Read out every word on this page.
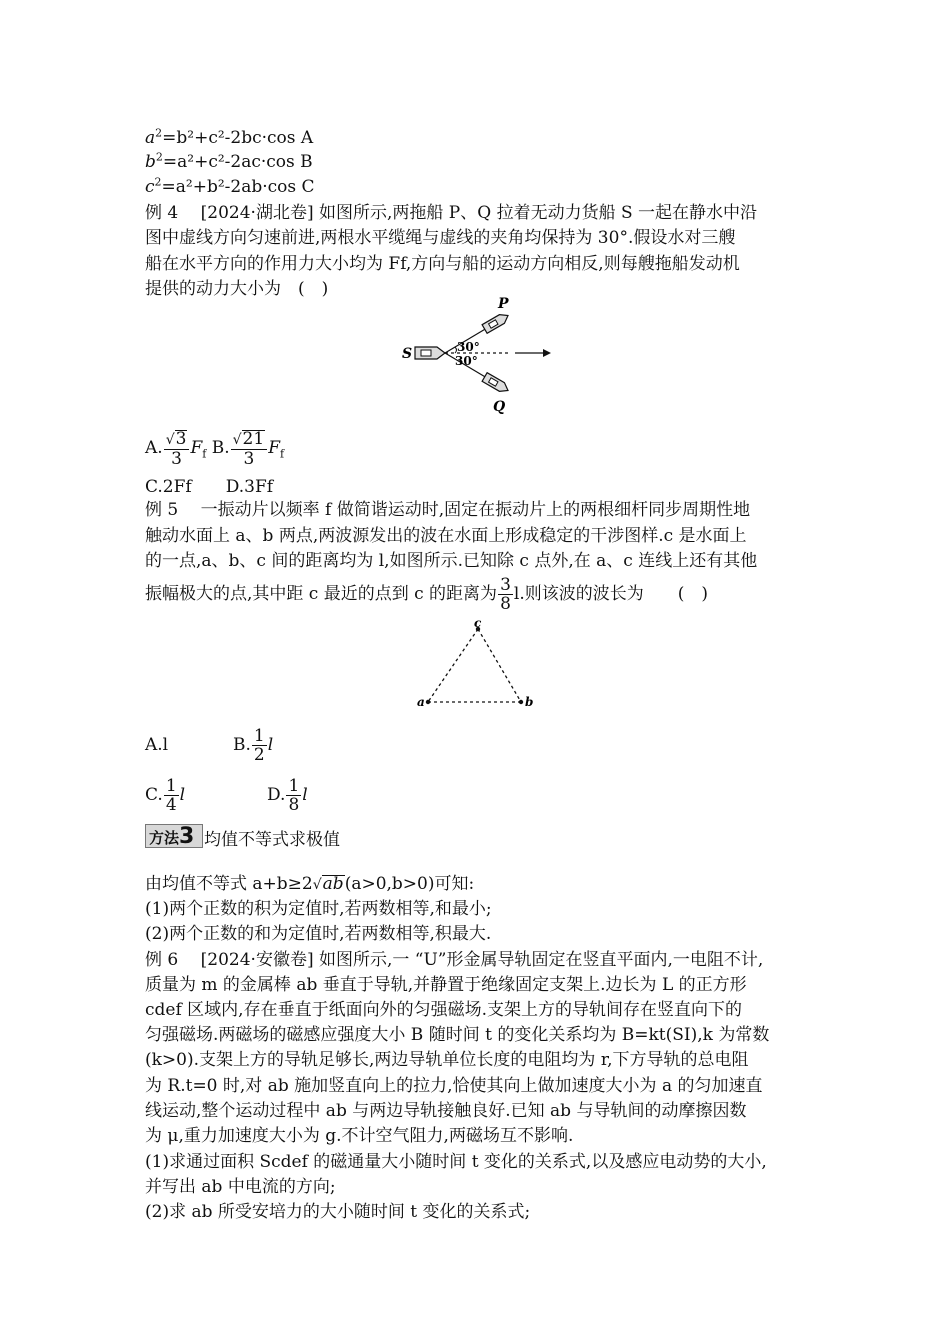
$a^2=b^2+c^2-2bc\cdot\cos$ A
$b^2=a^2+c^2-2ac\cdot\cos$ B
$c^2=a^2+b^2-2ab\cdot\cos$ C
例 4　 [2024·湖北卷] 如图所示,两拖船 P、Q 拉着无动力货船 S 一起在静水中沿
图中虚线方向匀速前进,两根水平缆绳与虚线的夹角均保持为 30°.假设水对三艘
船在水平方向的作用力大小均为 Ff,方向与船的运动方向相反,则每艘拖船发动机
提供的动力大小为　(　)
S
P
Q
30°
30°
A. $\frac{√3}{3} F_f$ B. $\frac{√21}{3} F_f$
C.2Ff　　 D.3Ff
例 5　 一振动片以频率 f 做简谐运动时,固定在振动片上的两根细杆同步周期性地
触动水面上 a、b 两点,两波源发出的波在水面上形成稳定的干涉图样.c 是水面上
的一点,a、b、c 间的距离均为 l,如图所示.已知除 c 点外,在 a、c 连线上还有其他
振幅极大的点,其中距 c 最近的点到 c 的距离为 $\frac{3}{8} l$.则该波的波长为　　(　)
c
a	b
A.l	B. $\frac{1}{2}$ l
C. $\frac{1}{4}$ l	D. $\frac{1}{8}$ l
方法3 均值不等式求极值
由均值不等式 a+b≥2√ab(a>0,b>0)可知:
(1)两个正数的积为定值时,若两数相等,和最小;
(2)两个正数的和为定值时,若两数相等,积最大.
例 6　 [2024·安徽卷] 如图所示,一 “U”形金属导轨固定在竖直平面内,一电阻不计,
质量为 m 的金属棒 ab 垂直于导轨,并静置于绝缘固定支架上.边长为 L 的正方形
cdef 区域内,存在垂直于纸面向外的匀强磁场.支架上方的导轨间存在竖直向下的
匀强磁场.两磁场的磁感应强度大小 B 随时间 t 的变化关系均为 B=kt(SI),k 为常数
(k>0).支架上方的导轨足够长,两边导轨单位长度的电阻均为 r,下方导轨的总电阻
为 R.t=0 时,对 ab 施加竖直向上的拉力,恰使其向上做加速度大小为 a 的匀加速直
线运动,整个运动过程中 ab 与两边导轨接触良好.已知 ab 与导轨间的动摩擦因数
为 μ,重力加速度大小为 g.不计空气阻力,两磁场互不影响.
(1)求通过面积 Scdef 的磁通量大小随时间 t 变化的关系式,以及感应电动势的大小,
并写出 ab 中电流的方向;
(2)求 ab 所受安培力的大小随时间 t 变化的关系式;
